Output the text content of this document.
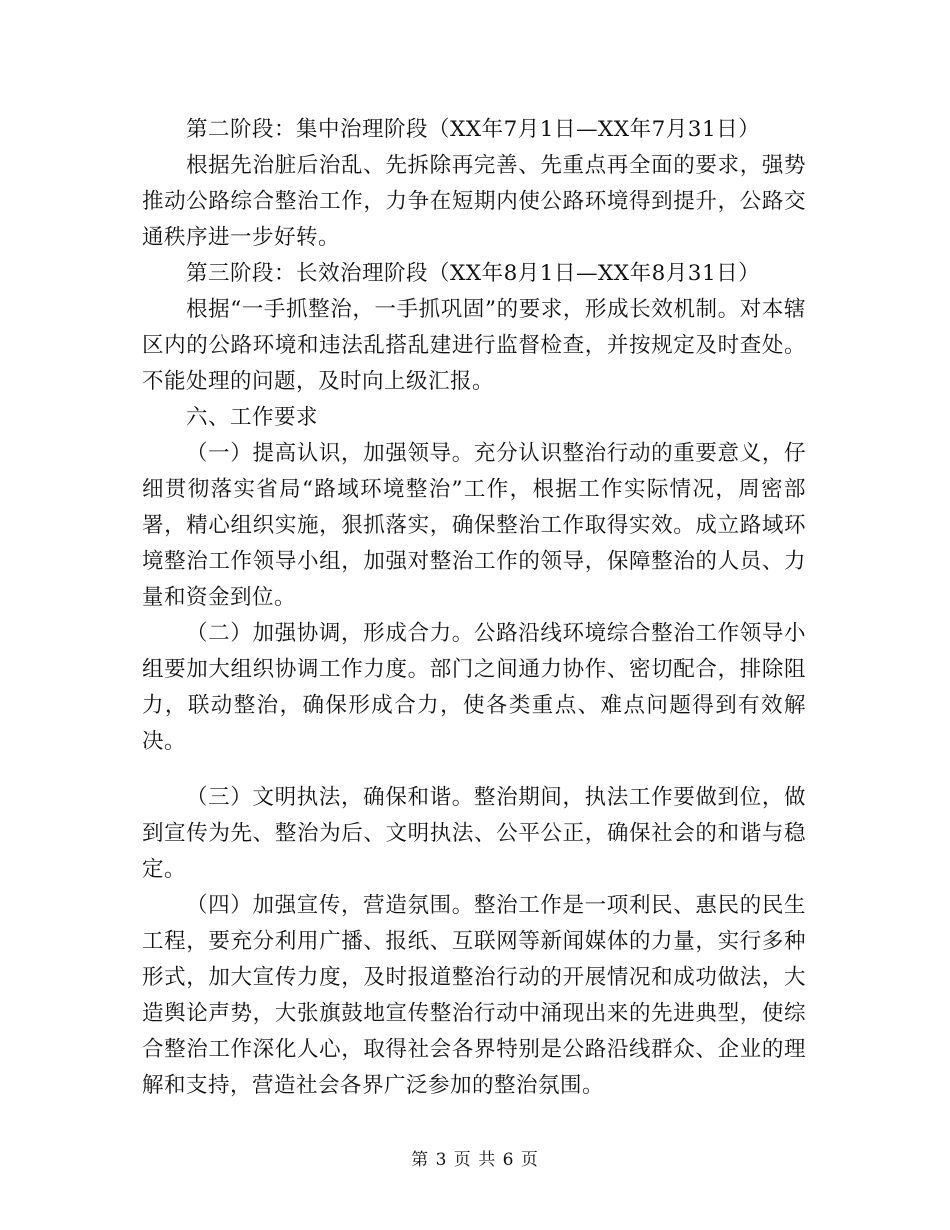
第二阶段：集中治理阶段（XX年7月1日—XX年7月31日）

根据先治脏后治乱、先拆除再完善、先重点再全面的要求，强势推动公路综合整治工作，力争在短期内使公路环境得到提升，公路交通秩序进一步好转。

第三阶段：长效治理阶段（XX年8月1日—XX年8月31日）

根据“一手抓整治，一手抓巩固”的要求，形成长效机制。对本辖区内的公路环境和违法乱搭乱建进行监督检查，并按规定及时查处。不能处理的问题，及时向上级汇报。

六、工作要求

（一）提高认识，加强领导。充分认识整治行动的重要意义，仔细贯彻落实省局“路域环境整治”工作，根据工作实际情况，周密部署，精心组织实施，狠抓落实，确保整治工作取得实效。成立路域环境整治工作领导小组，加强对整治工作的领导，保障整治的人员、力量和资金到位。

（二）加强协调，形成合力。公路沿线环境综合整治工作领导小组要加大组织协调工作力度。部门之间通力协作、密切配合，排除阻力，联动整治，确保形成合力，使各类重点、难点问题得到有效解决。

（三）文明执法，确保和谐。整治期间，执法工作要做到位，做到宣传为先、整治为后、文明执法、公平公正，确保社会的和谐与稳定。

（四）加强宣传，营造氛围。整治工作是一项利民、惠民的民生工程，要充分利用广播、报纸、互联网等新闻媒体的力量，实行多种形式，加大宣传力度，及时报道整治行动的开展情况和成功做法，大造舆论声势，大张旗鼓地宣传整治行动中涌现出来的先进典型，使综合整治工作深化人心，取得社会各界特别是公路沿线群众、企业的理解和支持，营造社会各界广泛参加的整治氛围。

第 3 页 共 6 页
